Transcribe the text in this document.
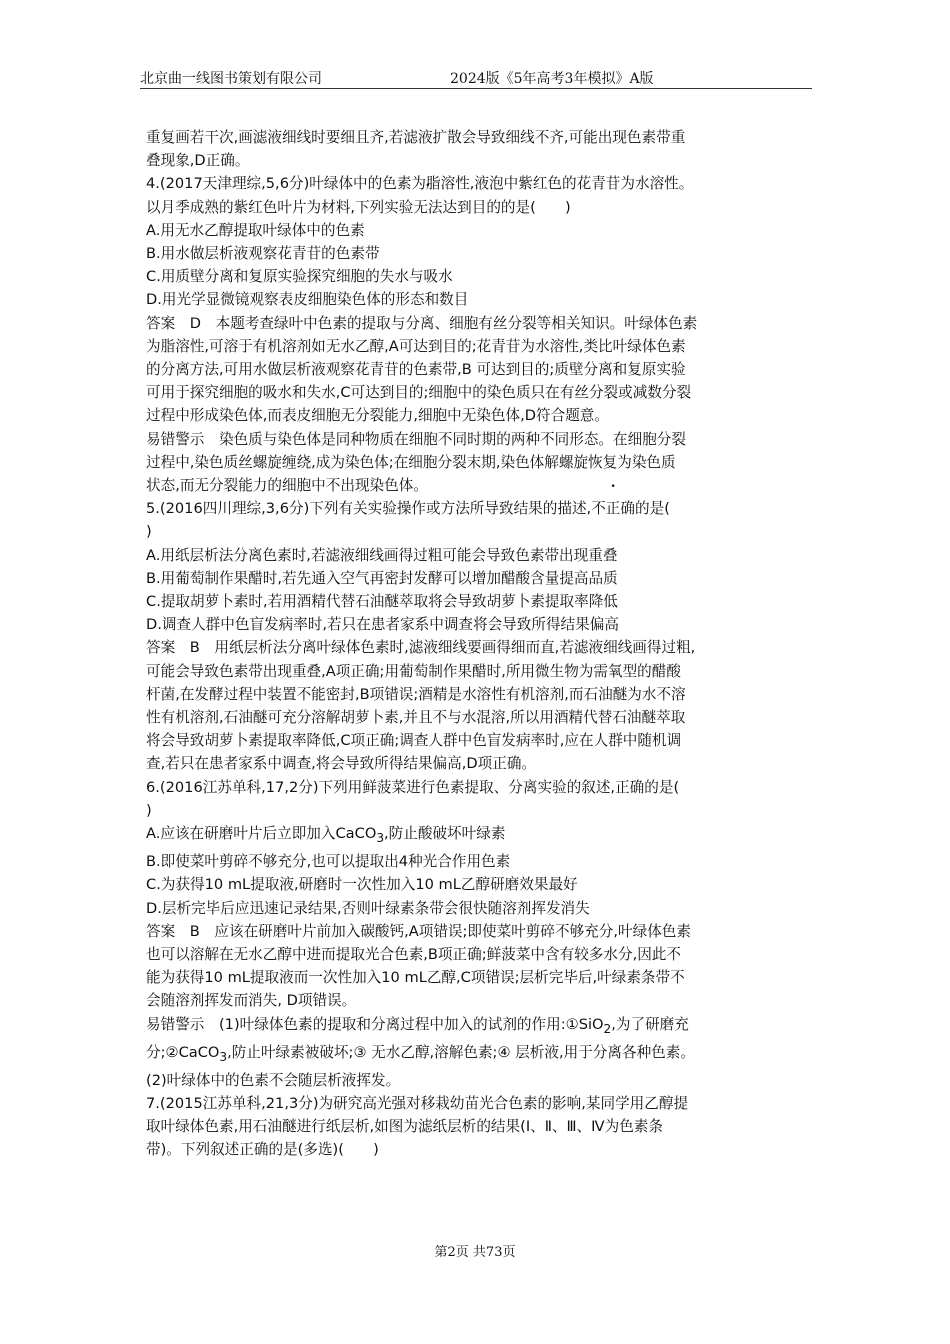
北京曲一线图书策划有限公司	2024版《5年高考3年模拟》A版

重复画若干次,画滤液细线时要细且齐,若滤液扩散会导致细线不齐,可能出现色素带重

叠现象,D正确。

4.(2017天津理综,5,6分)叶绿体中的色素为脂溶性,液泡中紫红色的花青苷为水溶性。

以月季成熟的紫红色叶片为材料,下列实验无法达到目的的是(　　)

A.用无水乙醇提取叶绿体中的色素

B.用水做层析液观察花青苷的色素带

C.用质壁分离和复原实验探究细胞的失水与吸水

D.用光学显微镜观察表皮细胞染色体的形态和数目

答案　D　本题考查绿叶中色素的提取与分离、细胞有丝分裂等相关知识。叶绿体色素

为脂溶性,可溶于有机溶剂如无水乙醇,A可达到目的;花青苷为水溶性,类比叶绿体色素

的分离方法,可用水做层析液观察花青苷的色素带,B 可达到目的;质壁分离和复原实验

可用于探究细胞的吸水和失水,C可达到目的;细胞中的染色质只在有丝分裂或减数分裂

过程中形成染色体,而表皮细胞无分裂能力,细胞中无染色体,D符合题意。

易错警示　染色质与染色体是同种物质在细胞不同时期的两种不同形态。在细胞分裂

过程中,染色质丝螺旋缠绕,成为染色体;在细胞分裂末期,染色体解螺旋恢复为染色质

状态,而无分裂能力的细胞中不出现染色体。

5.(2016四川理综,3,6分)下列有关实验操作或方法所导致结果的描述,不正确的是(

)

A.用纸层析法分离色素时,若滤液细线画得过粗可能会导致色素带出现重叠

B.用葡萄制作果醋时,若先通入空气再密封发酵可以增加醋酸含量提高品质

C.提取胡萝卜素时,若用酒精代替石油醚萃取将会导致胡萝卜素提取率降低

D.调查人群中色盲发病率时,若只在患者家系中调查将会导致所得结果偏高

答案　B　用纸层析法分离叶绿体色素时,滤液细线要画得细而直,若滤液细线画得过粗,

可能会导致色素带出现重叠,A项正确;用葡萄制作果醋时,所用微生物为需氧型的醋酸

杆菌,在发酵过程中装置不能密封,B项错误;酒精是水溶性有机溶剂,而石油醚为水不溶

性有机溶剂,石油醚可充分溶解胡萝卜素,并且不与水混溶,所以用酒精代替石油醚萃取

将会导致胡萝卜素提取率降低,C项正确;调查人群中色盲发病率时,应在人群中随机调

查,若只在患者家系中调查,将会导致所得结果偏高,D项正确。

6.(2016江苏单科,17,2分)下列用鲜菠菜进行色素提取、分离实验的叙述,正确的是(

)

A.应该在研磨叶片后立即加入CaCO$_3$,防止酸破坏叶绿素

B.即使菜叶剪碎不够充分,也可以提取出4种光合作用色素

C.为获得10 mL提取液,研磨时一次性加入10 mL乙醇研磨效果最好

D.层析完毕后应迅速记录结果,否则叶绿素条带会很快随溶剂挥发消失

答案　B　应该在研磨叶片前加入碳酸钙,A项错误;即使菜叶剪碎不够充分,叶绿体色素

也可以溶解在无水乙醇中进而提取光合色素,B项正确;鲜菠菜中含有较多水分,因此不

能为获得10 mL提取液而一次性加入10 mL乙醇,C项错误;层析完毕后,叶绿素条带不

会随溶剂挥发而消失, D项错误。

易错警示　(1)叶绿体色素的提取和分离过程中加入的试剂的作用:①SiO$_2$,为了研磨充

分;②CaCO$_3$,防止叶绿素被破坏;③ 无水乙醇,溶解色素;④ 层析液,用于分离各种色素。

(2)叶绿体中的色素不会随层析液挥发。

7.(2015江苏单科,21,3分)为研究高光强对移栽幼苗光合色素的影响,某同学用乙醇提

取叶绿体色素,用石油醚进行纸层析,如图为滤纸层析的结果(Ⅰ、Ⅱ、Ⅲ、Ⅳ为色素条

带)。下列叙述正确的是(多选)(　　)

第2页 共73页
